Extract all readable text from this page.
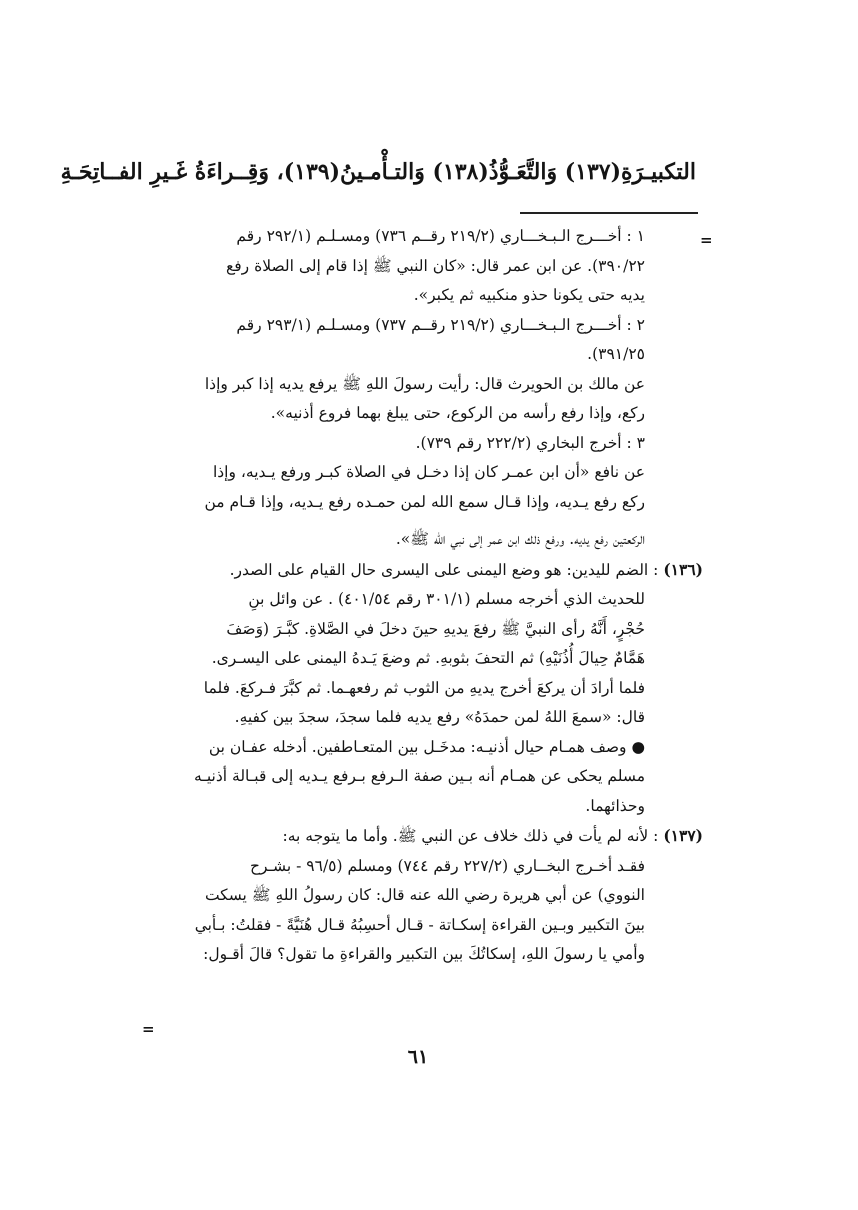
التكبيـرَةِ(١٣٧) وَالتَّعَـوُّذُ(١٣٨) وَالتـأْمـينُ(١٣٩)، وَقِــراءَةُ غَـيرِ الفــاتِحَـةِ
=

١ : أخـــرج الـبـخـــاري (٢١٩/٢ رقــم ٧٣٦) ومسـلـم (٢٩٢/١ رقم

٣٩٠/٢٢). عن ابن عمر قال: «كان النبي ﷺ إذا قام إلى الصلاة رفع

يديه حتى يكونا حذو منكبيه ثم يكبر».

٢ : أخـــرج الـبـخـــاري (٢١٩/٢ رقــم ٧٣٧) ومسـلـم (٢٩٣/١ رقم

٣٩١/٢٥).

عن مالك بن الحويرث قال: رأيت رسولَ اللهِ ﷺ يرفع يديه إذا كبر وإذا

ركع، وإذا رفع رأسه من الركوع، حتى يبلغ بهما فروع أذنيه».

٣ : أخرج البخاري (٢٢٢/٢ رقم ٧٣٩).

عن نافع «أن ابن عمـر كان إذا دخـل في الصلاة كبـر ورفع يـديه، وإذا

ركع رفع يـديه، وإذا قـال سمع الله لمن حمـده رفع يـديه، وإذا قـام من

الركعتين رفع يديه. ورفع ذلك ابن عمر إلى نبي الله ﷺ».

(١٣٦) : الضم لليدين: هو وضع اليمنى على اليسرى حال القيام على الصدر.

للحديث الذي أخرجه مسلم (٣٠١/١ رقم ٤٠١/٥٤) . عن وائل بنِ

حُجْرٍ، أَنَّهُ رأى النبيَّ ﷺ رفعَ يديهِ حينَ دخلَ في الصَّلاةِ. كبَّـرَ (وَصَفَ

هَمَّامٌ حِيالَ أُذُنَيْهِ) ثم التحفَ بثوبهِ. ثم وضعَ يَـدهُ اليمنى على اليسـرى.

فلما أرادَ أن يركعَ أخرج يديهِ من الثوب ثم رفعهـما. ثم كبَّرَ فـركعَ. فلما

قال: «سمعَ اللهُ لمن حمدَهُ» رفع يديه فلما سجدَ، سجدَ بين كفيهِ.

● وصف همـام حيال أذنيـه: مدخَـل بين المتعـاطفين. أدخله عفـان بن

مسلم يحكى عن همـام أنه بـين صفة الـرفع بـرفع يـديه إلى قبـالة أذنيـه

وحذائهما.

(١٣٧) : لأنه لم يأت في ذلك خلاف عن النبي ﷺ. وأما ما يتوجه به:

فقـد أخـرج البخــاري (٢٢٧/٢ رقم ٧٤٤) ومسلم (٩٦/٥ - بشـرح

النووي) عن أبي هريرة رضي الله عنه قال: كان رسولُ اللهِ ﷺ يسكت

بينَ التكبير وبـين القراءة إسكـاتة - قـال أحسِبُهُ قـال هُنَيَّةً - فقلتُ: بـأبي

وأمي يا رسولَ اللهِ، إسكاتُكَ بين التكبير والقراءةِ ما تقول؟ قالَ أقـول:

=
٦١
